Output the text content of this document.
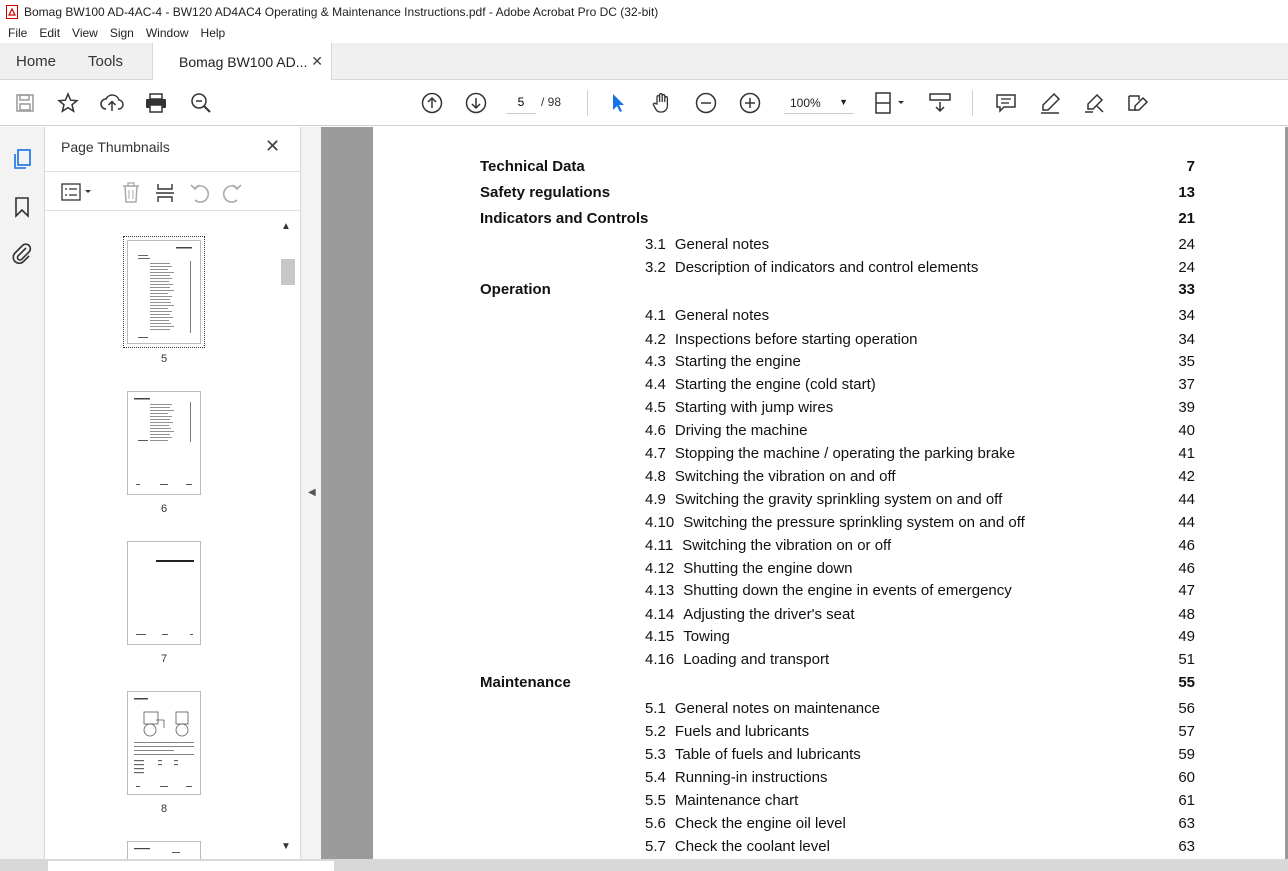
Bomag BW100 AD-4AC-4 - BW120 AD4AC4 Operating & Maintenance Instructions.pdf - Adobe Acrobat Pro DC (32-bit)
File Edit View Sign Window Help
Home Tools	Bomag BW100 AD... ✕
5
/ 98	100% ▼
Page Thumbnails	✕
5
6
7
8
▲
▼
◀
Technical Data	7
Safety regulations	13
Indicators and Controls	21
3.1 General notes	24
3.2 Description of indicators and control elements	24
Operation	33
4.1 General notes	34
4.2 Inspections before starting operation	34
4.3 Starting the engine	35
4.4 Starting the engine (cold start)	37
4.5 Starting with jump wires	39
4.6 Driving the machine	40
4.7 Stopping the machine / operating the parking brake	41
4.8 Switching the vibration on and off	42
4.9 Switching the gravity sprinkling system on and off	44
4.10 Switching the pressure sprinkling system on and off	44
4.11 Switching the vibration on or off	46
4.12 Shutting the engine down	46
4.13 Shutting down the engine in events of emergency	47
4.14 Adjusting the driver's seat	48
4.15 Towing	49
4.16 Loading and transport	51
Maintenance	55
5.1 General notes on maintenance	56
5.2 Fuels and lubricants	57
5.3 Table of fuels and lubricants	59
5.4 Running-in instructions	60
5.5 Maintenance chart	61
5.6 Check the engine oil level	63
5.7 Check the coolant level	63
